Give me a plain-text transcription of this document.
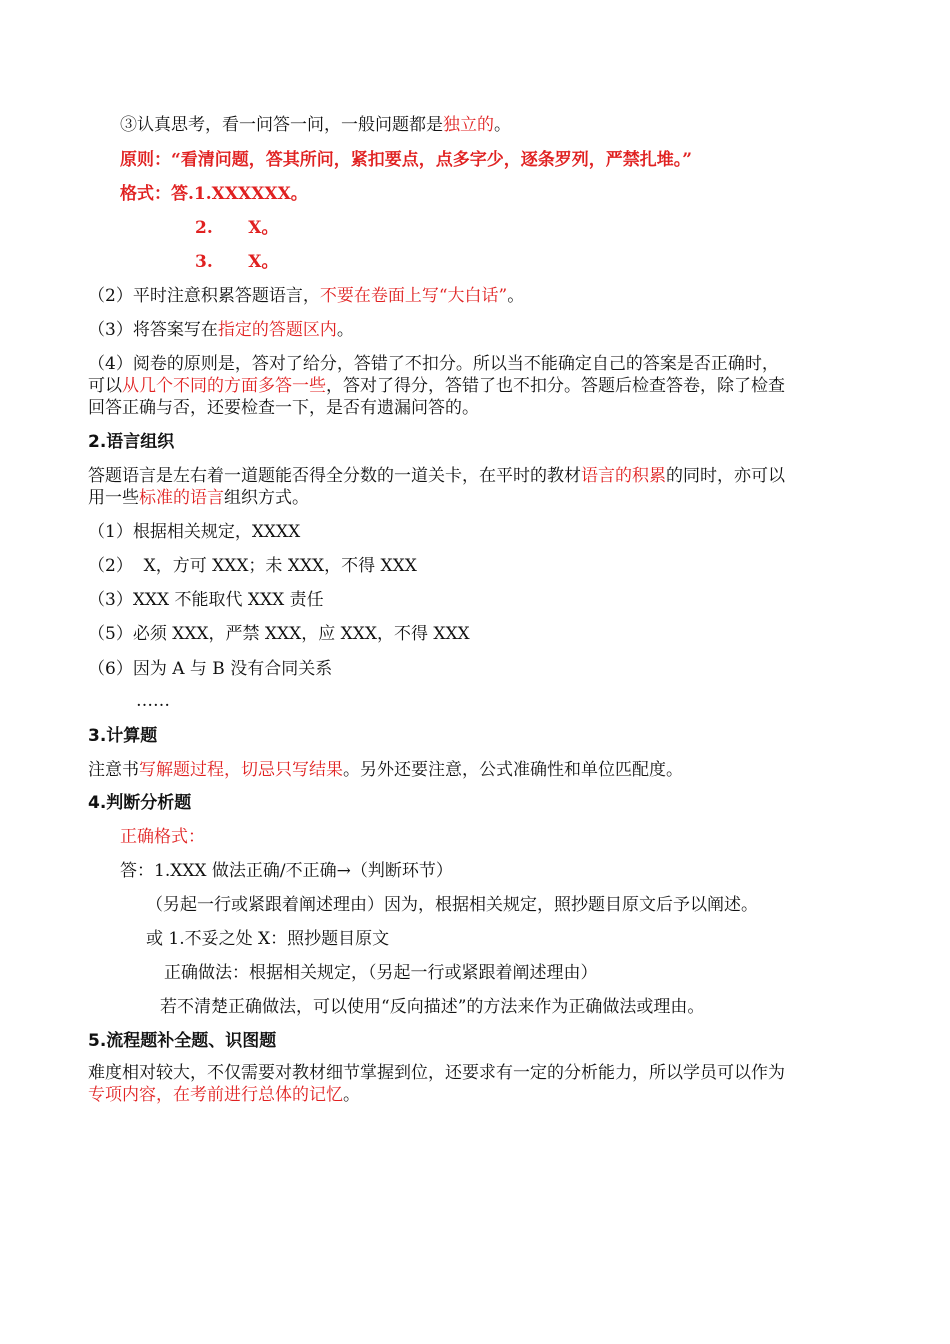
③认真思考，看一问答一问，一般问题都是独立的。
原则：“看清问题，答其所问，紧扣要点，点多字少，逐条罗列，严禁扎堆。”
格式：答.1.XXXXXX。
2.      X。
3.      X。
（2）平时注意积累答题语言，不要在卷面上写“大白话”。
（3）将答案写在指定的答题区内。
（4）阅卷的原则是，答对了给分，答错了不扣分。所以当不能确定自己的答案是否正确时，
可以从几个不同的方面多答一些，答对了得分，答错了也不扣分。答题后检查答卷，除了检查
回答正确与否，还要检查一下，是否有遗漏问答的。
2.语言组织
答题语言是左右着一道题能否得全分数的一道关卡，在平时的教材语言的积累的同时，亦可以
用一些标准的语言组织方式。
（1）根据相关规定，XXXX
（2）  X，方可 XXX；未 XXX，不得 XXX
（3）XXX 不能取代 XXX 责任
（5）必须 XXX，严禁 XXX，应 XXX，不得 XXX
（6）因为 A 与 B 没有合同关系
……
3.计算题
注意书写解题过程，切忌只写结果。另外还要注意，公式准确性和单位匹配度。
4.判断分析题
正确格式：
答：1.XXX 做法正确/不正确→（判断环节）
（另起一行或紧跟着阐述理由）因为，根据相关规定，照抄题目原文后予以阐述。
或 1.不妥之处 X：照抄题目原文
正确做法：根据相关规定，（另起一行或紧跟着阐述理由）
若不清楚正确做法，可以使用“反向描述”的方法来作为正确做法或理由。
5.流程题补全题、识图题
难度相对较大，不仅需要对教材细节掌握到位，还要求有一定的分析能力，所以学员可以作为
专项内容，在考前进行总体的记忆。
